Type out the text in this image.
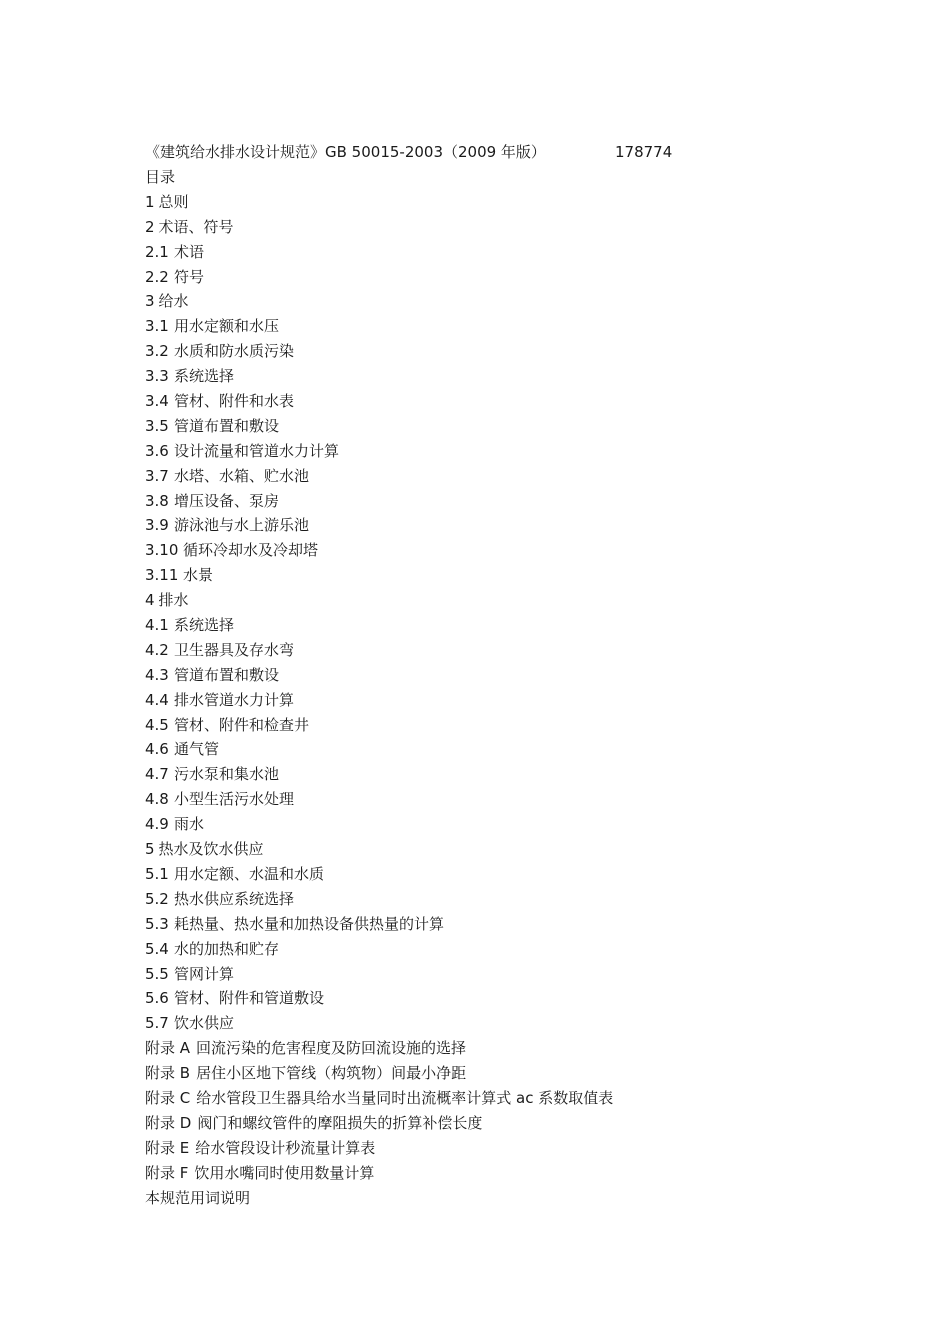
《建筑给水排水设计规范》GB 50015-2003（2009 年版）	178774
目录
1 总则
2 术语、符号
2.1 术语
2.2 符号
3 给水
3.1 用水定额和水压
3.2 水质和防水质污染
3.3 系统选择
3.4 管材、附件和水表
3.5 管道布置和敷设
3.6 设计流量和管道水力计算
3.7 水塔、水箱、贮水池
3.8 增压设备、泵房
3.9 游泳池与水上游乐池
3.10 循环冷却水及冷却塔
3.11 水景
4 排水
4.1 系统选择
4.2 卫生器具及存水弯
4.3 管道布置和敷设
4.4 排水管道水力计算
4.5 管材、附件和检查井
4.6 通气管
4.7 污水泵和集水池
4.8 小型生活污水处理
4.9 雨水
5 热水及饮水供应
5.1 用水定额、水温和水质
5.2 热水供应系统选择
5.3 耗热量、热水量和加热设备供热量的计算
5.4 水的加热和贮存
5.5 管网计算
5.6 管材、附件和管道敷设
5.7 饮水供应
附录 A 回流污染的危害程度及防回流设施的选择
附录 B 居住小区地下管线（构筑物）间最小净距
附录 C 给水管段卫生器具给水当量同时出流概率计算式 ac 系数取值表
附录 D 阀门和螺纹管件的摩阻损失的折算补偿长度
附录 E 给水管段设计秒流量计算表
附录 F 饮用水嘴同时使用数量计算
本规范用词说明
